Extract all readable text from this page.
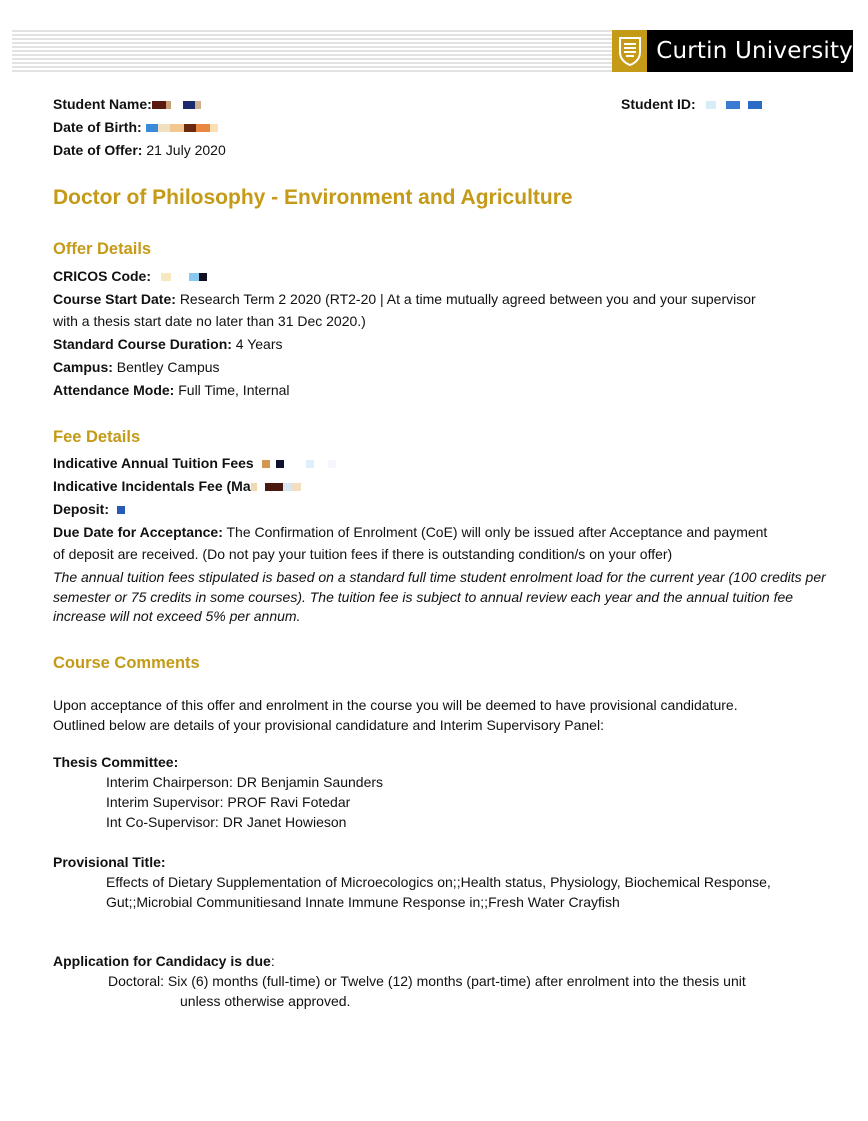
Curtin University
Student Name:	Student ID:
Date of Birth:
Date of Offer: 21 July 2020
Doctor of Philosophy - Environment and Agriculture
Offer Details
CRICOS Code:
Course Start Date: Research Term 2 2020 (RT2-20 | At a time mutually agreed between you and your supervisor
with a thesis start date no later than 31 Dec 2020.)
Standard Course Duration: 4 Years
Campus: Bentley Campus
Attendance Mode: Full Time, Internal
Fee Details
Indicative Annual Tuition Fees
Indicative Incidentals Fee (Ma
Deposit:
Due Date for Acceptance: The Confirmation of Enrolment (CoE) will only be issued after Acceptance and payment
of deposit are received. (Do not pay your tuition fees if there is outstanding condition/s on your offer)
The annual tuition fees stipulated is based on a standard full time student enrolment load for the current year (100 credits per semester or 75 credits in some courses). The tuition fee is subject to annual review each year and the annual tuition fee increase will not exceed 5% per annum.
Course Comments
Upon acceptance of this offer and enrolment in the course you will be deemed to have provisional candidature.
Outlined below are details of your provisional candidature and Interim Supervisory Panel:
Thesis Committee:
Interim Chairperson: DR Benjamin Saunders
Interim Supervisor: PROF Ravi Fotedar
Int Co-Supervisor: DR Janet Howieson
Provisional Title:
Effects of Dietary Supplementation of Microecologics on;;Health status, Physiology, Biochemical Response,
Gut;;Microbial Communitiesand Innate Immune Response in;;Fresh Water Crayfish
Application for Candidacy is due:
Doctoral: Six (6) months (full-time) or Twelve (12) months (part-time) after enrolment into the thesis unit
unless otherwise approved.
